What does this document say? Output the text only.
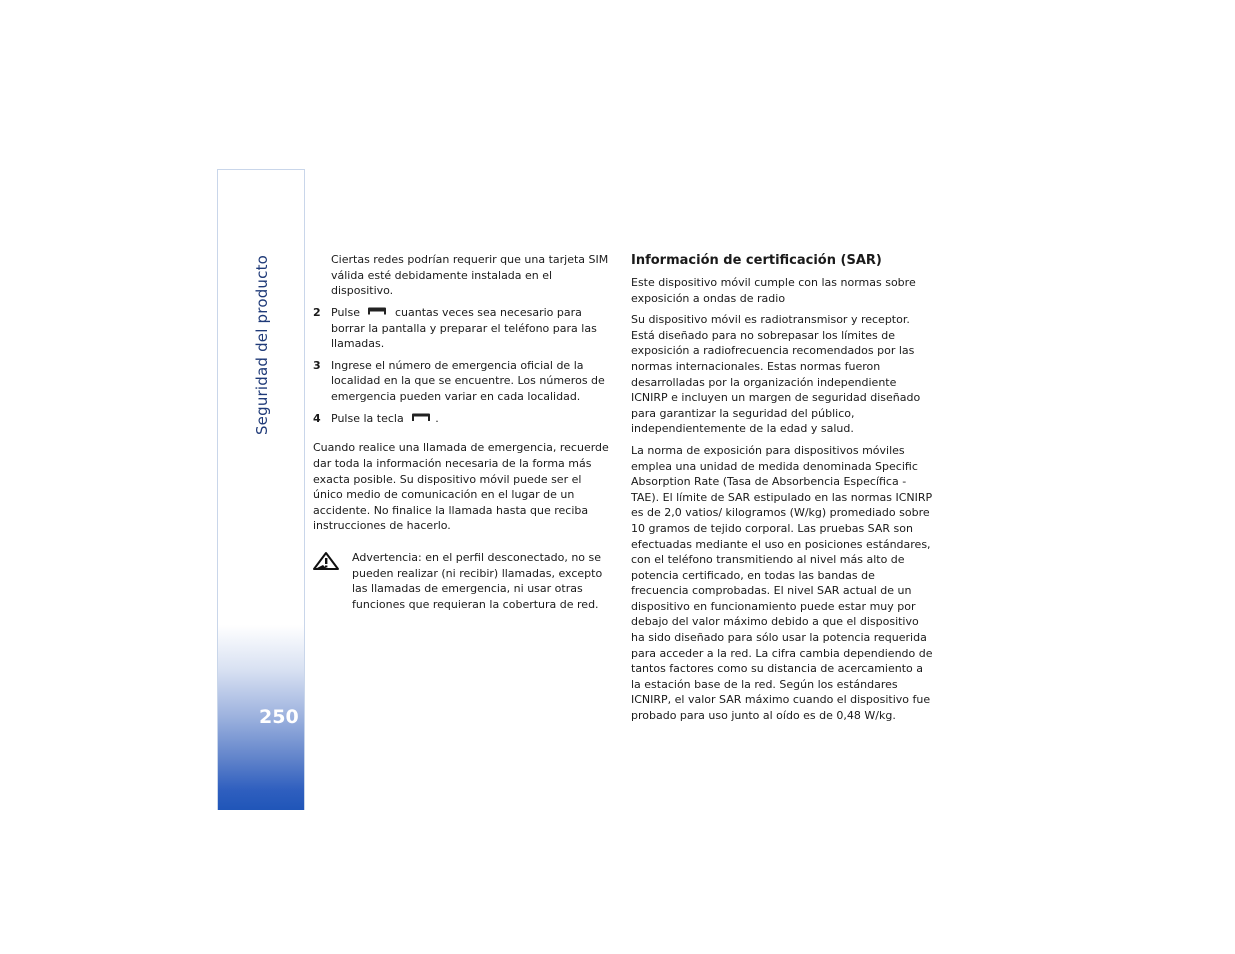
Seguridad del producto
250

Ciertas redes podrían requerir que una tarjeta SIM válida esté debidamente instalada en el dispositivo.

2 Pulse	cuantas veces sea necesario para borrar la pantalla y preparar el teléfono para las llamadas.

3 Ingrese el número de emergencia oficial de la localidad en la que se encuentre. Los números de emergencia pueden variar en cada localidad.

4 Pulse la tecla	.

Cuando realice una llamada de emergencia, recuerde dar toda la información necesaria de la forma más exacta posible. Su dispositivo móvil puede ser el único medio de comunicación en el lugar de un accidente. No finalice la llamada hasta que reciba instrucciones de hacerlo.

Advertencia: en el perfil desconectado, no se pueden realizar (ni recibir) llamadas, excepto las llamadas de emergencia, ni usar otras funciones que requieran la cobertura de red.

Información de certificación (SAR)

Este dispositivo móvil cumple con las normas sobre exposición a ondas de radio

Su dispositivo móvil es radiotransmisor y receptor. Está diseñado para no sobrepasar los límites de exposición a radiofrecuencia recomendados por las normas internacionales. Estas normas fueron desarrolladas por la organización independiente ICNIRP e incluyen un margen de seguridad diseñado para garantizar la seguridad del público, independientemente de la edad y salud.

La norma de exposición para dispositivos móviles emplea una unidad de medida denominada Specific Absorption Rate (Tasa de Absorbencia Específica - TAE). El límite de SAR estipulado en las normas ICNIRP es de 2,0 vatios/ kilogramos (W/kg) promediado sobre 10 gramos de tejido corporal. Las pruebas SAR son efectuadas mediante el uso en posiciones estándares, con el teléfono transmitiendo al nivel más alto de potencia certificado, en todas las bandas de frecuencia comprobadas. El nivel SAR actual de un dispositivo en funcionamiento puede estar muy por debajo del valor máximo debido a que el dispositivo ha sido diseñado para sólo usar la potencia requerida para acceder a la red. La cifra cambia dependiendo de tantos factores como su distancia de acercamiento a la estación base de la red. Según los estándares ICNIRP, el valor SAR máximo cuando el dispositivo fue probado para uso junto al oído es de 0,48 W/kg.
